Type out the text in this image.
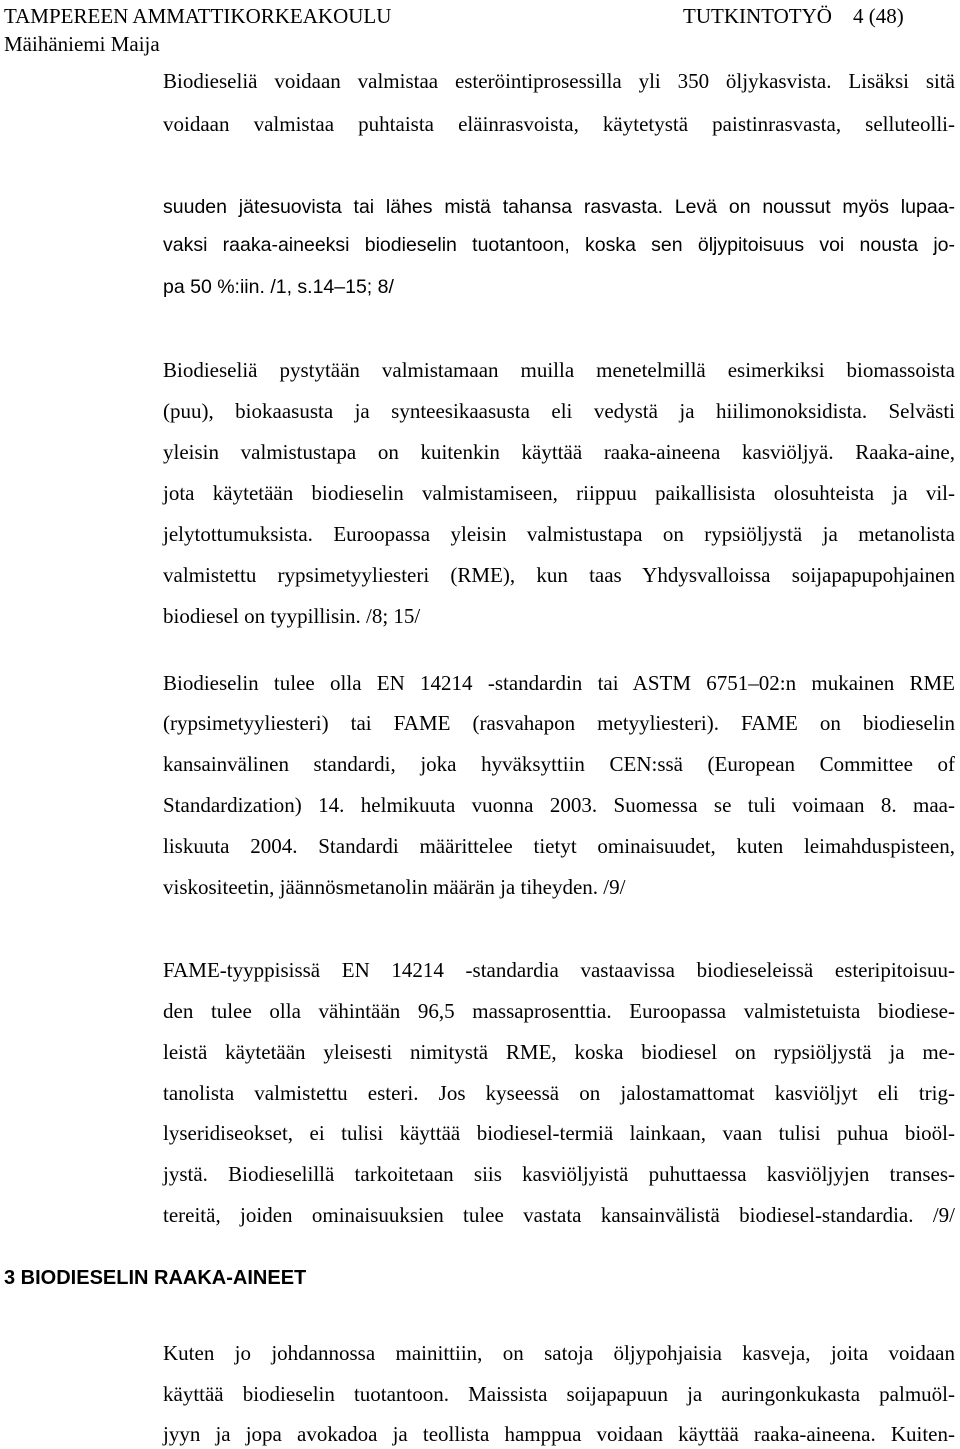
TAMPEREEN AMMATTIKORKEAKOULU	TUTKINTOTYÖ 4 (48)
Mäihäniemi Maija
Biodieseliä voidaan valmistaa esteröintiprosessilla yli 350 öljykasvista. Lisäksi sitä
voidaan valmistaa puhtaista eläinrasvoista, käytetystä paistinrasvasta, selluteolli-
suuden jätesuovista tai lähes mistä tahansa rasvasta. Levä on noussut myös lupaa-
vaksi raaka-aineeksi biodieselin tuotantoon, koska sen öljypitoisuus voi nousta jo-
pa 50 %:iin. /1, s.14–15; 8/
Biodieseliä pystytään valmistamaan muilla menetelmillä esimerkiksi biomassoista
(puu), biokaasusta ja synteesikaasusta eli vedystä ja hiilimonoksidista. Selvästi
yleisin valmistustapa on kuitenkin käyttää raaka-aineena kasviöljyä. Raaka-aine,
jota käytetään biodieselin valmistamiseen, riippuu paikallisista olosuhteista ja vil-
jelytottumuksista. Euroopassa yleisin valmistustapa on rypsiöljystä ja metanolista
valmistettu rypsimetyyliesteri (RME), kun taas Yhdysvalloissa soijapapupohjainen
biodiesel on tyypillisin. /8; 15/
Biodieselin tulee olla EN 14214 -standardin tai ASTM 6751–02:n mukainen RME
(rypsimetyyliesteri) tai FAME (rasvahapon metyyliesteri). FAME on biodieselin
kansainvälinen standardi, joka hyväksyttiin CEN:ssä (European Committee of
Standardization) 14. helmikuuta vuonna 2003. Suomessa se tuli voimaan 8. maa-
liskuuta 2004. Standardi määrittelee tietyt ominaisuudet, kuten leimahduspisteen,
viskositeetin, jäännösmetanolin määrän ja tiheyden. /9/
FAME-tyyppisissä EN 14214 -standardia vastaavissa biodieseleissä esteripitoisuu-
den tulee olla vähintään 96,5 massaprosenttia. Euroopassa valmistetuista biodiese-
leistä käytetään yleisesti nimitystä RME, koska biodiesel on rypsiöljystä ja me-
tanolista valmistettu esteri. Jos kyseessä on jalostamattomat kasviöljyt eli trig-
lyseridiseokset, ei tulisi käyttää biodiesel-termiä lainkaan, vaan tulisi puhua bioöl-
jystä. Biodieselillä tarkoitetaan siis kasviöljyistä puhuttaessa kasviöljyjen transes-
tereitä, joiden ominaisuuksien tulee vastata kansainvälistä biodiesel-standardia. /9/
3 BIODIESELIN RAAKA-AINEET
Kuten jo johdannossa mainittiin, on satoja öljypohjaisia kasveja, joita voidaan
käyttää biodieselin tuotantoon. Maissista soijapapuun ja auringonkukasta palmuöl-
jyyn ja jopa avokadoa ja teollista hamppua voidaan käyttää raaka-aineena. Kuiten-
